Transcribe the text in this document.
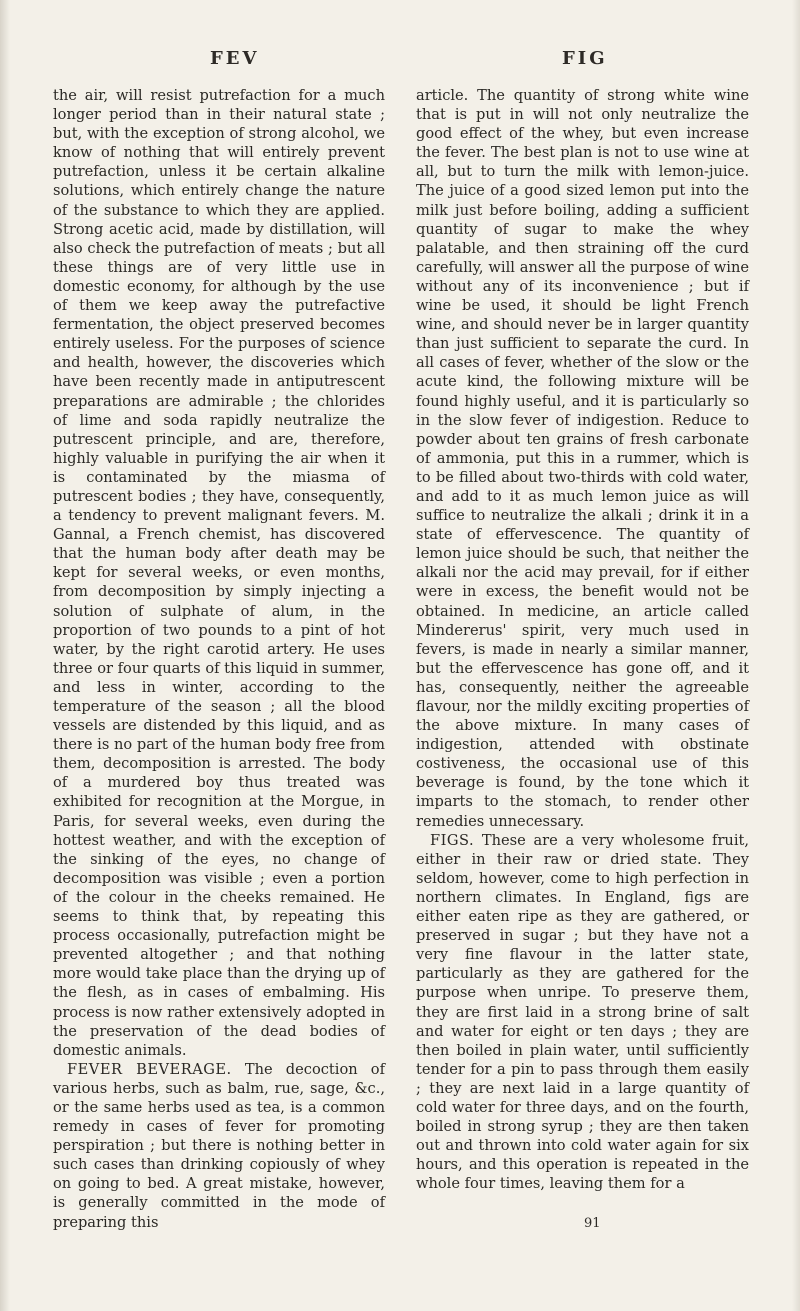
FEV	FIG

the air, will resist putrefaction for a much longer period than in their natural state ; but, with the exception of strong alcohol, we know of nothing that will entirely prevent putrefaction, unless it be certain alkaline solutions, which entirely change the nature of the substance to which they are applied. Strong acetic acid, made by distillation, will also check the putrefaction of meats ; but all these things are of very little use in domestic economy, for although by the use of them we keep away the putrefactive fermentation, the object preserved becomes entirely useless. For the purposes of science and health, however, the discoveries which have been recently made in antiputrescent preparations are admirable ; the chlorides of lime and soda rapidly neutralize the putrescent principle, and are, therefore, highly valuable in purifying the air when it is contaminated by the miasma of putrescent bodies ; they have, consequently, a tendency to prevent malignant fevers. M. Gannal, a French chemist, has discovered that the human body after death may be kept for several weeks, or even months, from decomposition by simply injecting a solution of sulphate of alum, in the proportion of two pounds to a pint of hot water, by the right carotid artery. He uses three or four quarts of this liquid in summer, and less in winter, according to the temperature of the season ; all the blood vessels are distended by this liquid, and as there is no part of the human body free from them, decomposition is arrested. The body of a murdered boy thus treated was exhibited for recognition at the Morgue, in Paris, for several weeks, even during the hottest weather, and with the exception of the sinking of the eyes, no change of decomposition was visible ; even a portion of the colour in the cheeks remained. He seems to think that, by repeating this process occasionally, putrefaction might be prevented altogether ; and that nothing more would take place than the drying up of the flesh, as in cases of embalming. His process is now rather extensively adopted in the preservation of the dead bodies of domestic animals.

FEVER BEVERAGE. The decoction of various herbs, such as balm, rue, sage, &c., or the same herbs used as tea, is a common remedy in cases of fever for promoting perspiration ; but there is nothing better in such cases than drinking copiously of whey on going to bed. A great mistake, however, is generally committed in the mode of preparing this

article. The quantity of strong white wine that is put in will not only neutralize the good effect of the whey, but even increase the fever. The best plan is not to use wine at all, but to turn the milk with lemon-juice. The juice of a good sized lemon put into the milk just before boiling, adding a sufficient quantity of sugar to make the whey palatable, and then straining off the curd carefully, will answer all the purpose of wine without any of its inconvenience ; but if wine be used, it should be light French wine, and should never be in larger quantity than just sufficient to separate the curd. In all cases of fever, whether of the slow or the acute kind, the following mixture will be found highly useful, and it is particularly so in the slow fever of indigestion. Reduce to powder about ten grains of fresh carbonate of ammonia, put this in a rummer, which is to be filled about two-thirds with cold water, and add to it as much lemon juice as will suffice to neutralize the alkali ; drink it in a state of effervescence. The quantity of lemon juice should be such, that neither the alkali nor the acid may prevail, for if either were in excess, the benefit would not be obtained. In medicine, an article called Mindererus' spirit, very much used in fevers, is made in nearly a similar manner, but the effervescence has gone off, and it has, consequently, neither the agreeable flavour, nor the mildly exciting properties of the above mixture. In many cases of indigestion, attended with obstinate costiveness, the occasional use of this beverage is found, by the tone which it imparts to the stomach, to render other remedies unnecessary.

FIGS. These are a very wholesome fruit, either in their raw or dried state. They seldom, however, come to high perfection in northern climates. In England, figs are either eaten ripe as they are gathered, or preserved in sugar ; but they have not a very fine flavour in the latter state, particularly as they are gathered for the purpose when unripe. To preserve them, they are first laid in a strong brine of salt and water for eight or ten days ; they are then boiled in plain water, until sufficiently tender for a pin to pass through them easily ; they are next laid in a large quantity of cold water for three days, and on the fourth, boiled in strong syrup ; they are then taken out and thrown into cold water again for six hours, and this operation is repeated in the whole four times, leaving them for a

91
